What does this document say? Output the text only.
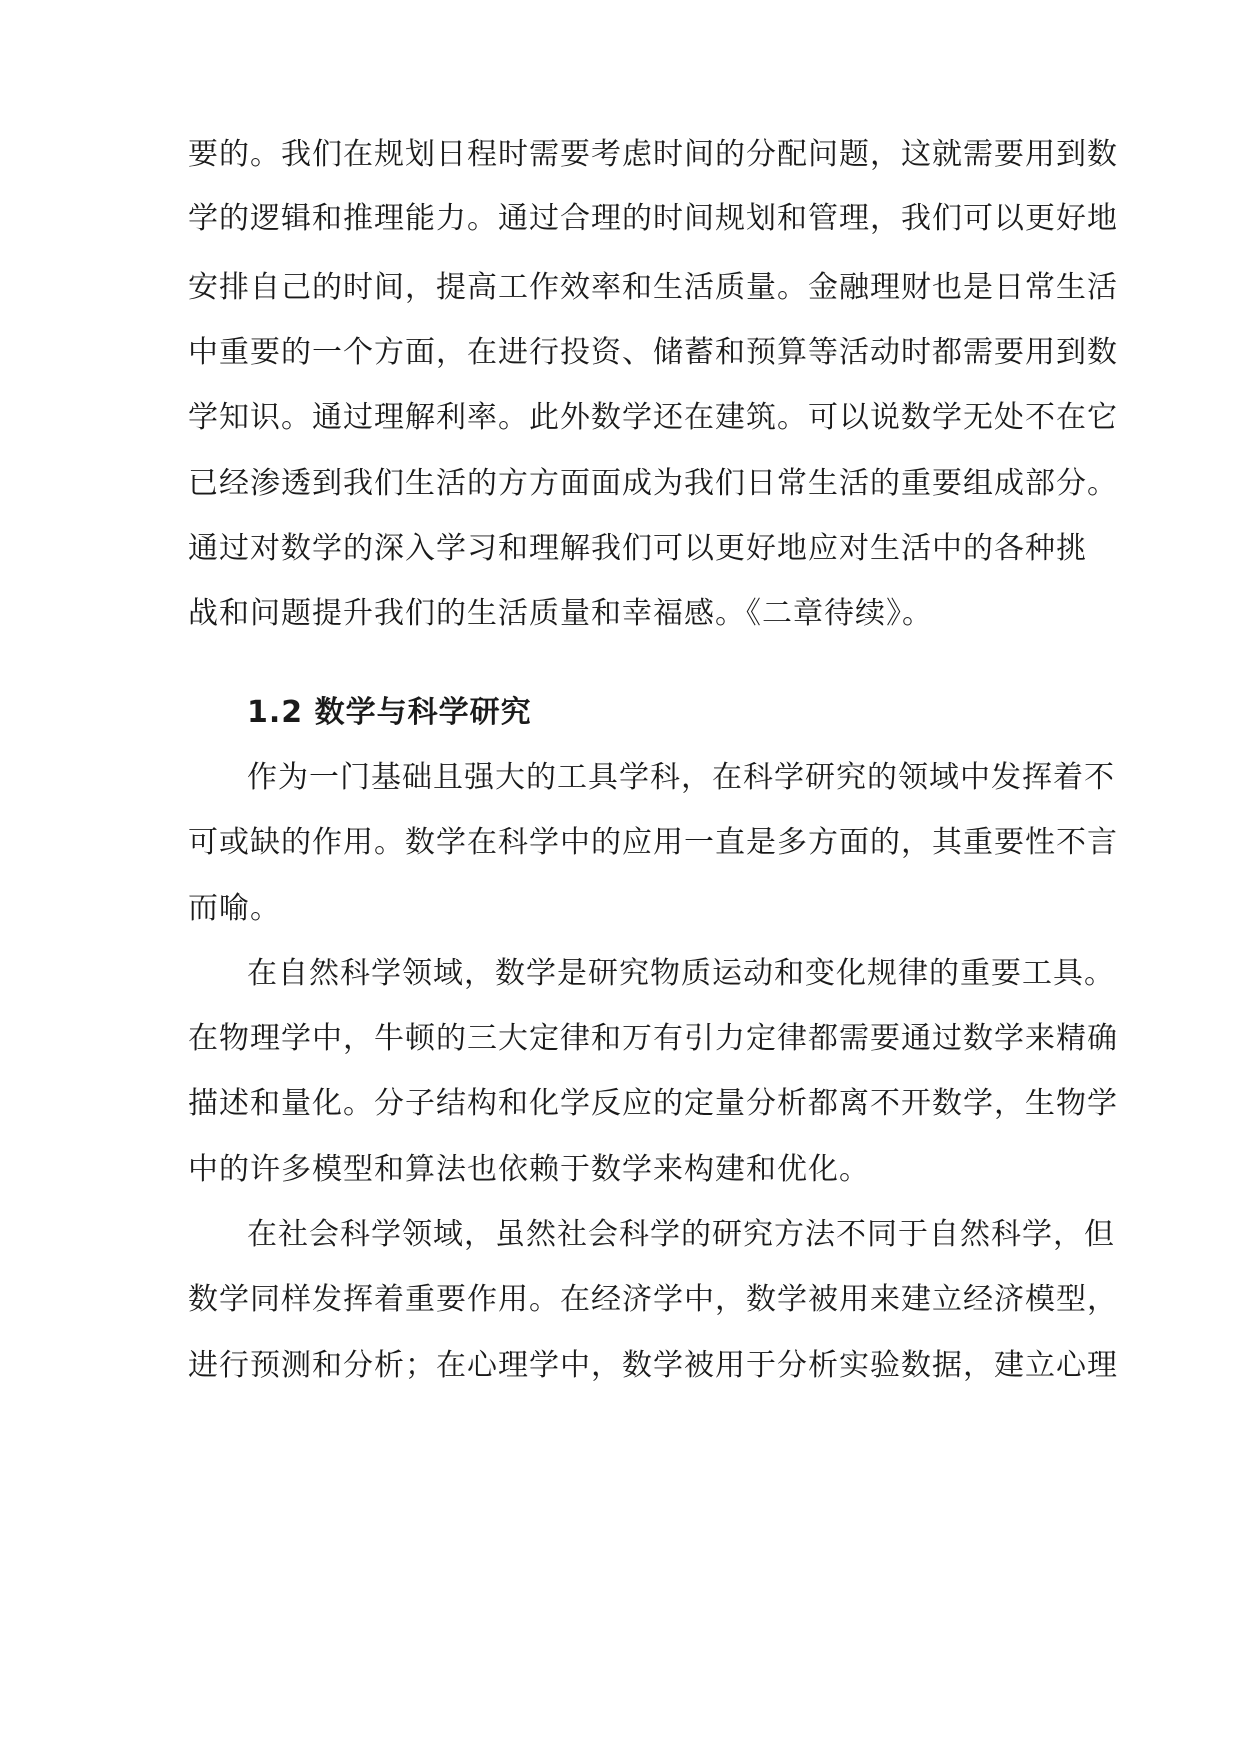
要的。我们在规划日程时需要考虑时间的分配问题，这就需要用到数
学的逻辑和推理能力。通过合理的时间规划和管理，我们可以更好地
安排自己的时间，提高工作效率和生活质量。金融理财也是日常生活
中重要的一个方面，在进行投资、储蓄和预算等活动时都需要用到数
学知识。通过理解利率。此外数学还在建筑。可以说数学无处不在它
已经渗透到我们生活的方方面面成为我们日常生活的重要组成部分。
通过对数学的深入学习和理解我们可以更好地应对生活中的各种挑
战和问题提升我们的生活质量和幸福感。《二章待续》。
1.2 数学与科学研究
作为一门基础且强大的工具学科，在科学研究的领域中发挥着不
可或缺的作用。数学在科学中的应用一直是多方面的，其重要性不言
而喻。
在自然科学领域，数学是研究物质运动和变化规律的重要工具。
在物理学中，牛顿的三大定律和万有引力定律都需要通过数学来精确
描述和量化。分子结构和化学反应的定量分析都离不开数学，生物学
中的许多模型和算法也依赖于数学来构建和优化。
在社会科学领域，虽然社会科学的研究方法不同于自然科学，但
数学同样发挥着重要作用。在经济学中，数学被用来建立经济模型，
进行预测和分析；在心理学中，数学被用于分析实验数据，建立心理
